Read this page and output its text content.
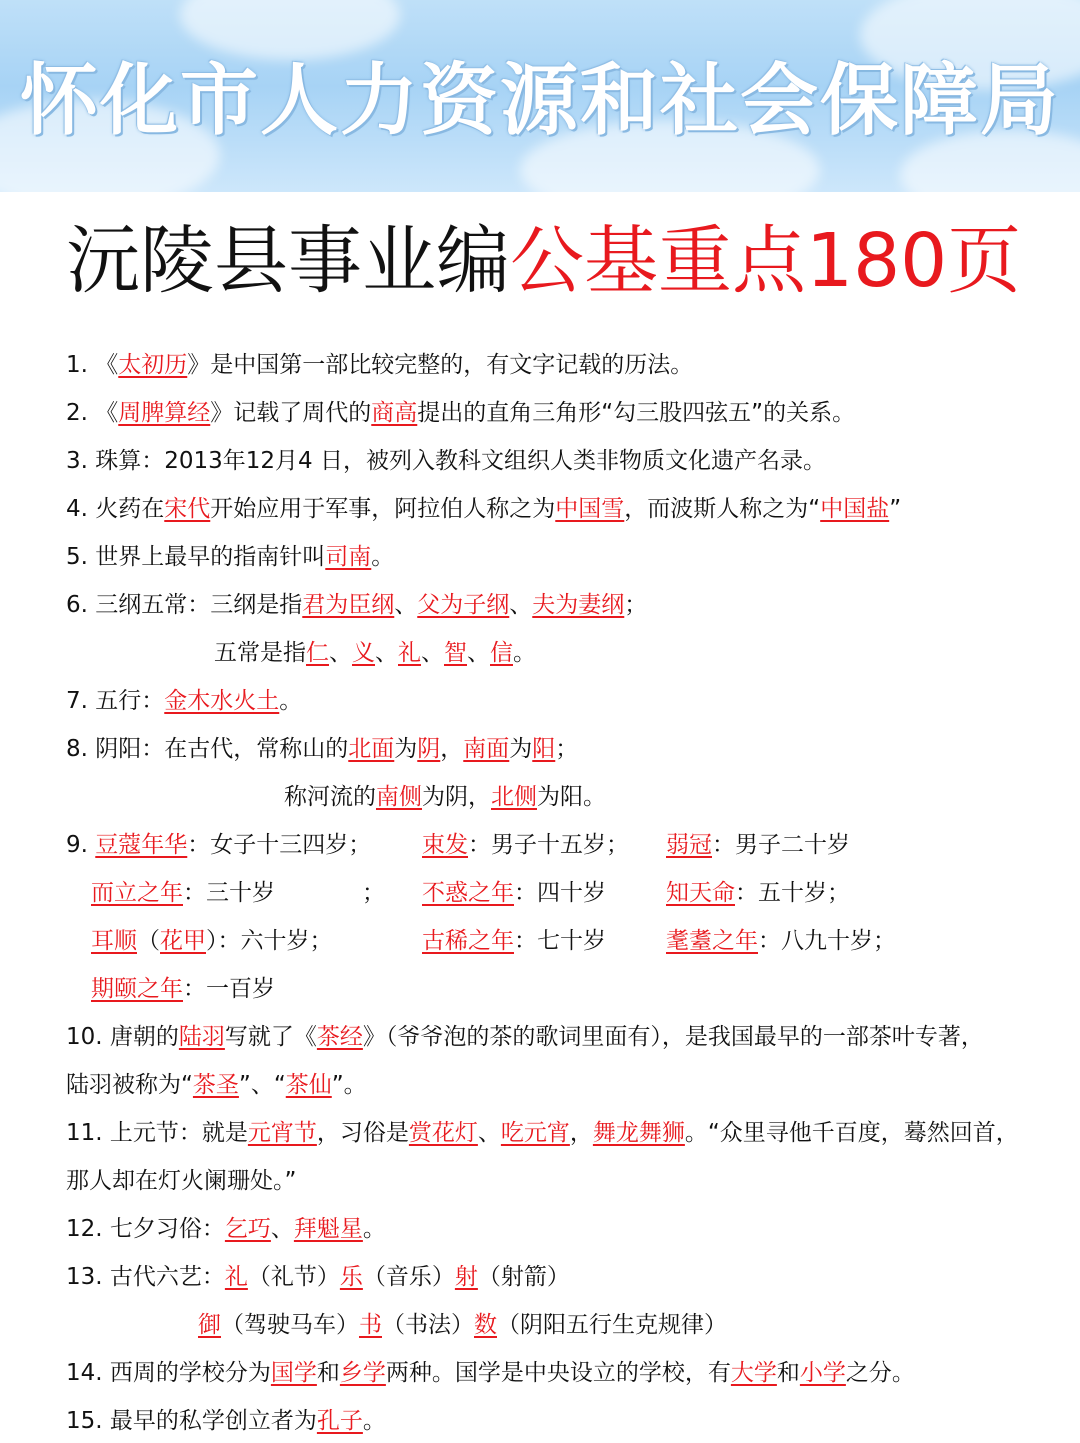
怀化市人力资源和社会保障局
沅陵县事业编公基重点180页
1. 《太初历》是中国第一部比较完整的，有文字记载的历法。
2. 《周脾算经》记载了周代的商高提出的直角三角形“勾三股四弦五”的关系。
3. 珠算：2013年12月4 日，被列入教科文组织人类非物质文化遗产名录。
4. 火药在宋代开始应用于军事，阿拉伯人称之为中国雪，而波斯人称之为“中国盐”
5. 世界上最早的指南针叫司南。
6. 三纲五常：三纲是指君为臣纲、父为子纲、夫为妻纲；
五常是指仁、义、礼、智、信。
7. 五行：金木水火土。
8. 阴阳：在古代，常称山的北面为阴，南面为阳；
称河流的南侧为阴，北侧为阳。
9. 豆蔻年华：女子十三四岁； 束发：男子十五岁； 弱冠：男子二十岁
而立之年：三十岁	； 不惑之年：四十岁	知天命：五十岁；
耳顺（花甲）：六十岁；	古稀之年：七十岁	耄耋之年：八九十岁；
期颐之年：一百岁
10. 唐朝的陆羽写就了《茶经》（爷爷泡的茶的歌词里面有），是我国最早的一部茶叶专著，
陆羽被称为“茶圣”、“茶仙”。
11. 上元节：就是元宵节，习俗是赏花灯、吃元宵，舞龙舞狮。“众里寻他千百度，蓦然回首，
那人却在灯火阑珊处。”
12. 七夕习俗：乞巧、拜魁星。
13. 古代六艺：礼（礼节）乐（音乐）射（射箭）
御（驾驶马车）书（书法）数（阴阳五行生克规律）
14. 西周的学校分为国学和乡学两种。国学是中央设立的学校，有大学和小学之分。
15. 最早的私学创立者为孔子。
